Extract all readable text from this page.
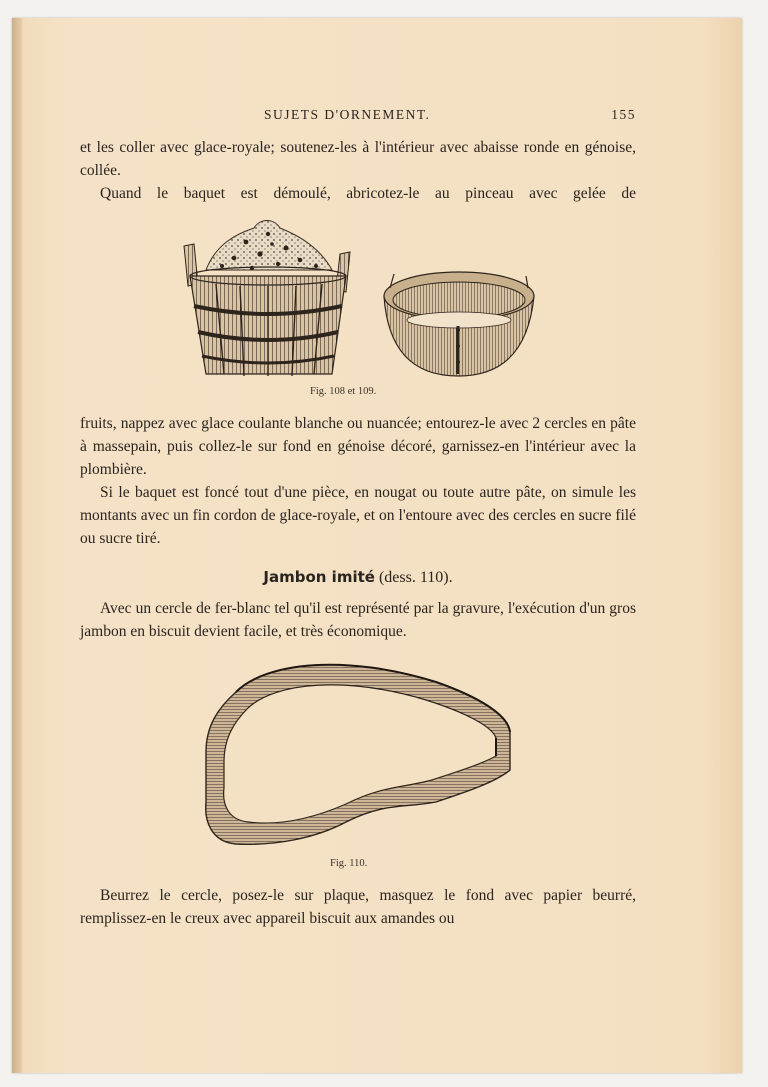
SUJETS D'ORNEMENT.	155
et les coller avec glace-royale; soutenez-les à l'intérieur avec abaisse ronde en génoise, collée.
Quand le baquet est démoulé, abricotez-le au pinceau avec gelée de
Fig. 108 et 109.
fruits, nappez avec glace coulante blanche ou nuancée; entourez-le avec 2 cercles en pâte à massepain, puis collez-le sur fond en génoise décoré, garnissez-en l'intérieur avec la plombière.
Si le baquet est foncé tout d'une pièce, en nougat ou toute autre pâte, on simule les montants avec un fin cordon de glace-royale, et on l'entoure avec des cercles en sucre filé ou sucre tiré.
Jambon imité (dess. 110).
Avec un cercle de fer-blanc tel qu'il est représenté par la gravure, l'exécution d'un gros jambon en biscuit devient facile, et très économique.
Fig. 110.
Beurrez le cercle, posez-le sur plaque, masquez le fond avec papier beurré, remplissez-en le creux avec appareil biscuit aux amandes ou
